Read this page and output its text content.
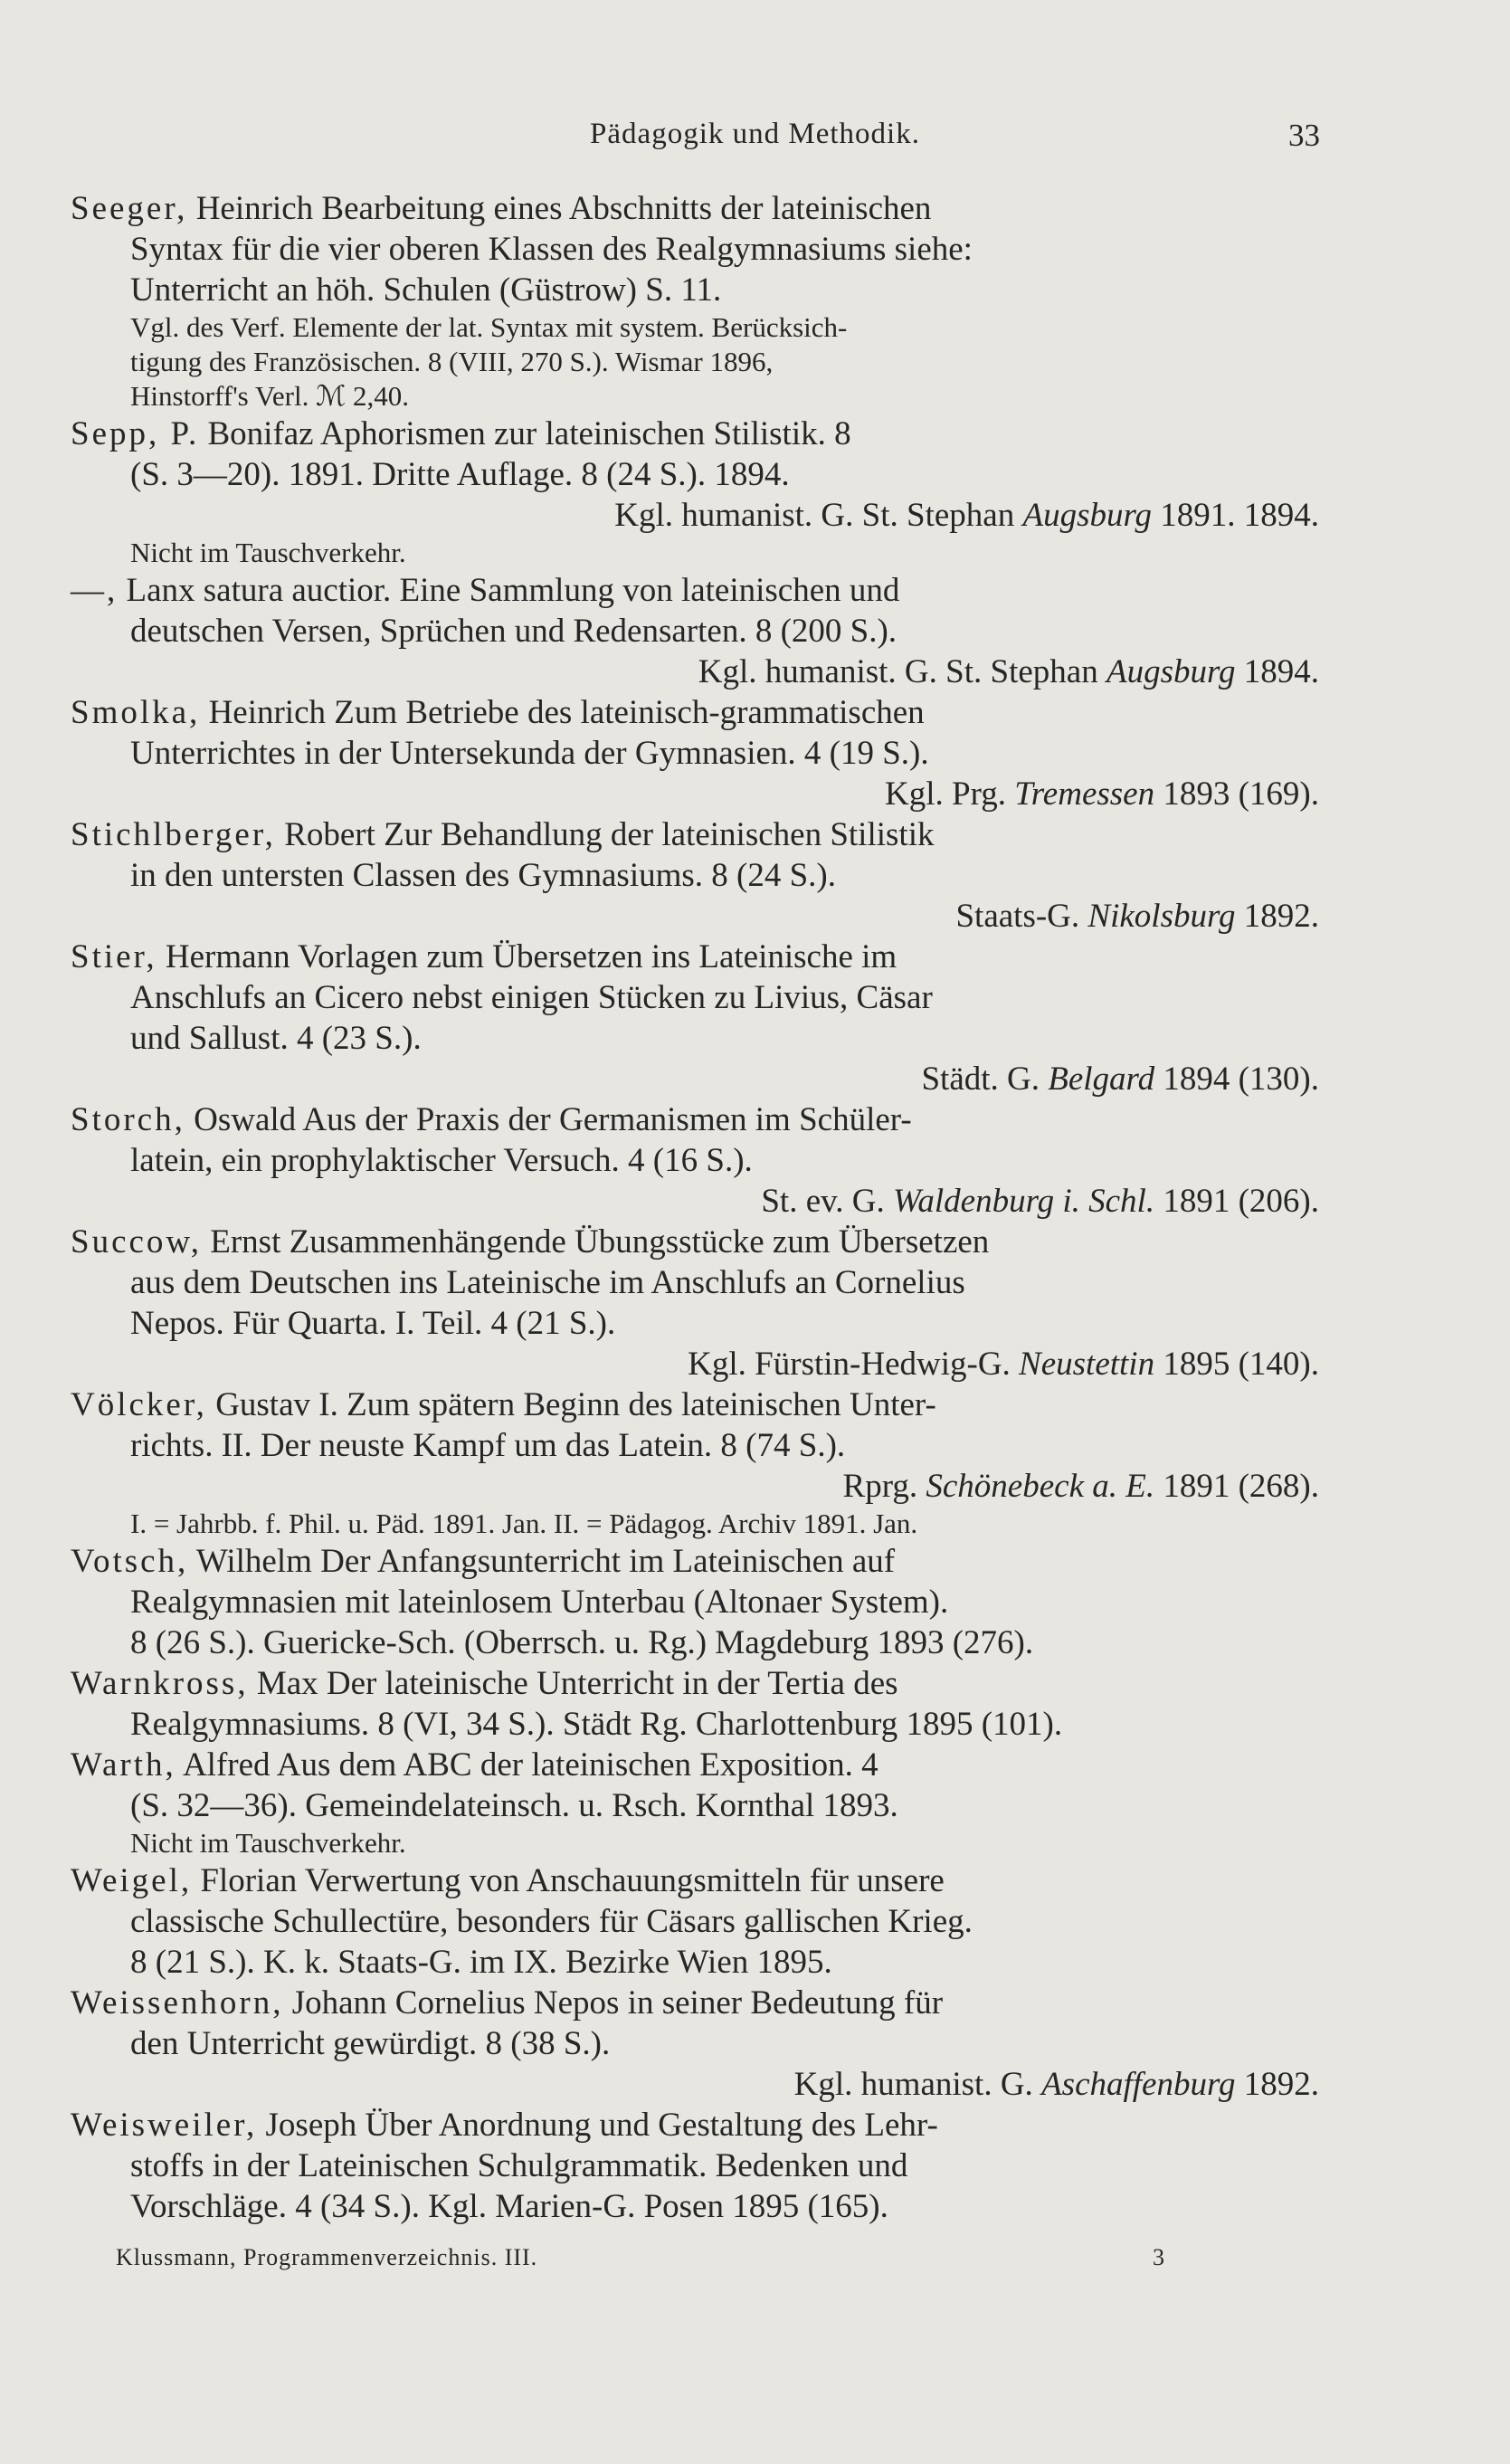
Pädagogik und Methodik.	33
Seeger, Heinrich Bearbeitung eines Abschnitts der lateinischen
Syntax für die vier oberen Klassen des Realgymnasiums siehe:
Unterricht an höh. Schulen (Güstrow) S. 11.
Vgl. des Verf. Elemente der lat. Syntax mit system. Berücksich-
tigung des Französischen. 8 (VIII, 270 S.). Wismar 1896,
Hinstorff's Verl. ℳ 2,40.
Sepp, P. Bonifaz Aphorismen zur lateinischen Stilistik. 8
(S. 3—20). 1891. Dritte Auflage. 8 (24 S.). 1894.
Kgl. humanist. G. St. Stephan Augsburg 1891. 1894.
Nicht im Tauschverkehr.
—, Lanx satura auctior. Eine Sammlung von lateinischen und
deutschen Versen, Sprüchen und Redensarten. 8 (200 S.).
Kgl. humanist. G. St. Stephan Augsburg 1894.
Smolka, Heinrich Zum Betriebe des lateinisch-grammatischen
Unterrichtes in der Untersekunda der Gymnasien. 4 (19 S.).
Kgl. Prg. Tremessen 1893 (169).
Stichlberger, Robert Zur Behandlung der lateinischen Stilistik
in den untersten Classen des Gymnasiums. 8 (24 S.).
Staats-G. Nikolsburg 1892.
Stier, Hermann Vorlagen zum Übersetzen ins Lateinische im
Anschlufs an Cicero nebst einigen Stücken zu Livius, Cäsar
und Sallust. 4 (23 S.).
Städt. G. Belgard 1894 (130).
Storch, Oswald Aus der Praxis der Germanismen im Schüler-
latein, ein prophylaktischer Versuch. 4 (16 S.).
St. ev. G. Waldenburg i. Schl. 1891 (206).
Succow, Ernst Zusammenhängende Übungsstücke zum Übersetzen
aus dem Deutschen ins Lateinische im Anschlufs an Cornelius
Nepos. Für Quarta. I. Teil. 4 (21 S.).
Kgl. Fürstin-Hedwig-G. Neustettin 1895 (140).
Völcker, Gustav I. Zum spätern Beginn des lateinischen Unter-
richts. II. Der neuste Kampf um das Latein. 8 (74 S.).
Rprg. Schönebeck a. E. 1891 (268).
I. = Jahrbb. f. Phil. u. Päd. 1891. Jan. II. = Pädagog. Archiv 1891. Jan.
Votsch, Wilhelm Der Anfangsunterricht im Lateinischen auf
Realgymnasien mit lateinlosem Unterbau (Altonaer System).
8 (26 S.). Guericke-Sch. (Oberrsch. u. Rg.) Magdeburg 1893 (276).
Warnkross, Max Der lateinische Unterricht in der Tertia des
Realgymnasiums. 8 (VI, 34 S.). Städt Rg. Charlottenburg 1895 (101).
Warth, Alfred Aus dem ABC der lateinischen Exposition. 4
(S. 32—36). Gemeindelateinsch. u. Rsch. Kornthal 1893.
Nicht im Tauschverkehr.
Weigel, Florian Verwertung von Anschauungsmitteln für unsere
classische Schullectüre, besonders für Cäsars gallischen Krieg.
8 (21 S.). K. k. Staats-G. im IX. Bezirke Wien 1895.
Weissenhorn, Johann Cornelius Nepos in seiner Bedeutung für
den Unterricht gewürdigt. 8 (38 S.).
Kgl. humanist. G. Aschaffenburg 1892.
Weisweiler, Joseph Über Anordnung und Gestaltung des Lehr-
stoffs in der Lateinischen Schulgrammatik. Bedenken und
Vorschläge. 4 (34 S.). Kgl. Marien-G. Posen 1895 (165).
Klussmann, Programmenverzeichnis. III.	3
